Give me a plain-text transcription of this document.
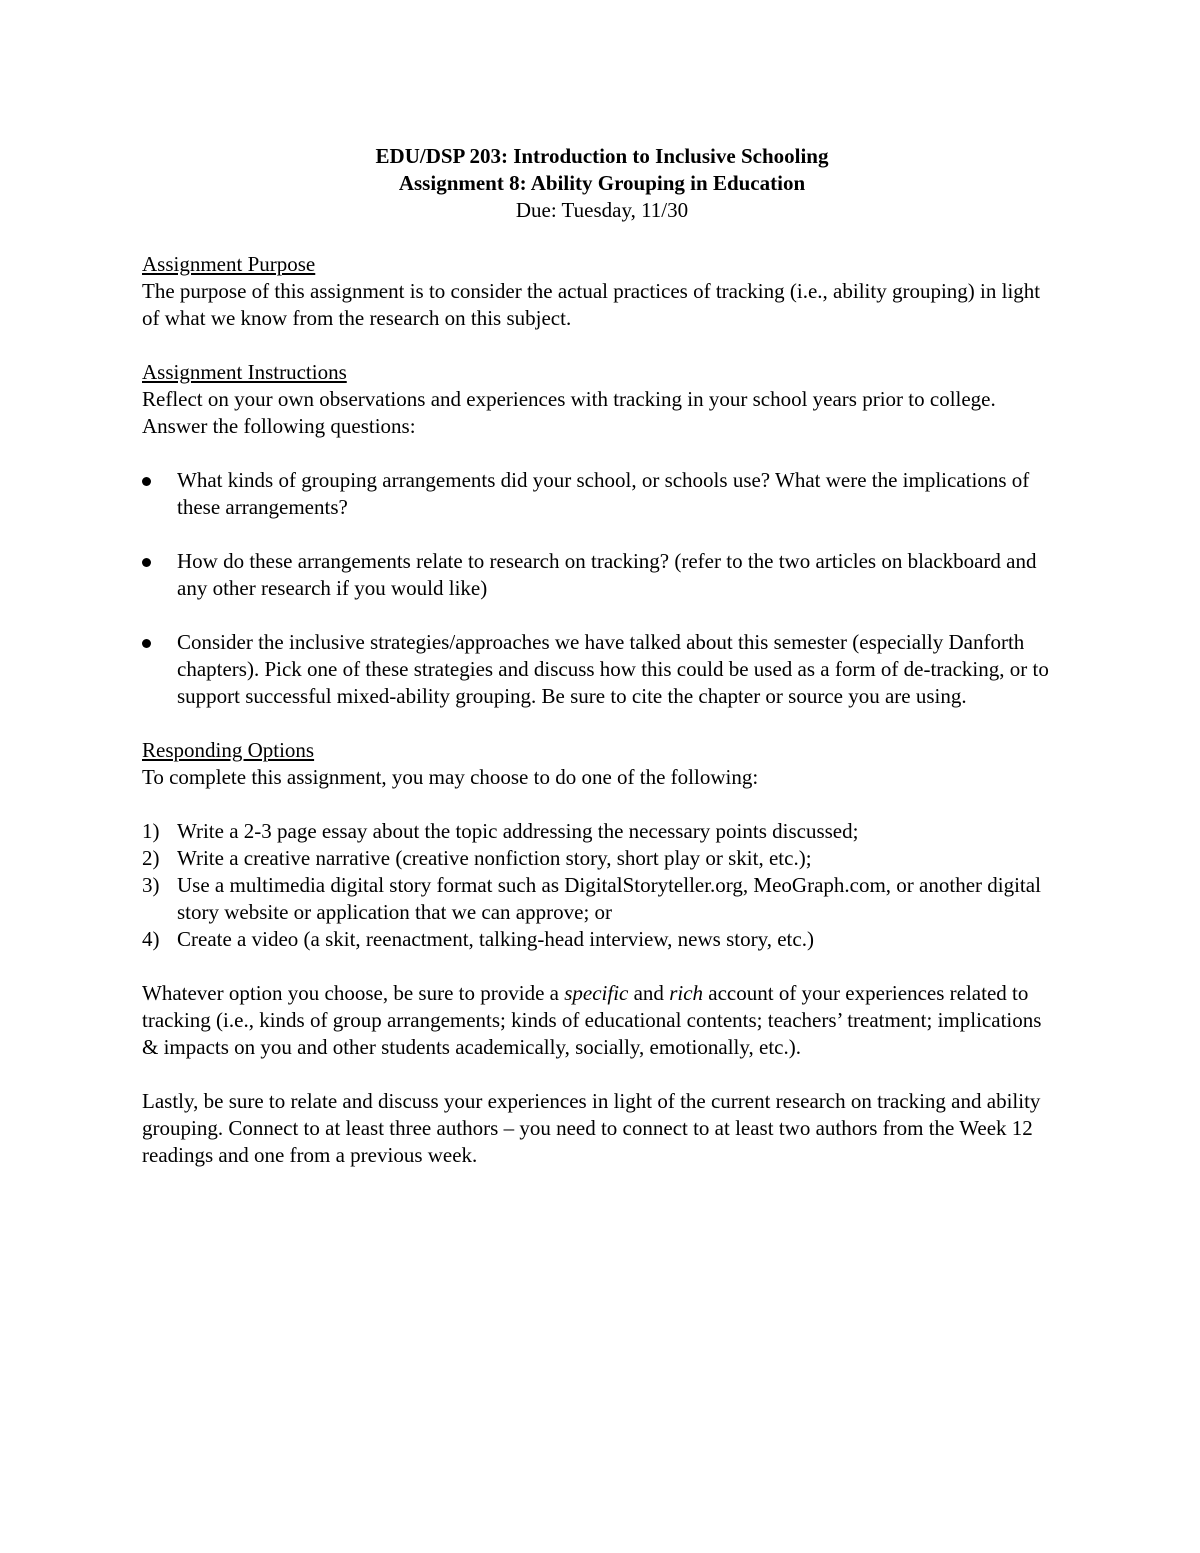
EDU/DSP 203: Introduction to Inclusive Schooling
Assignment 8: Ability Grouping in Education
Due: Tuesday, 11/30
Assignment Purpose

The purpose of this assignment is to consider the actual practices of tracking (i.e., ability grouping) in light of what we know from the research on this subject.

Assignment Instructions

Reflect on your own observations and experiences with tracking in your school years prior to college. Answer the following questions:

What kinds of grouping arrangements did your school, or schools use? What were the implications of these arrangements?
How do these arrangements relate to research on tracking? (refer to the two articles on blackboard and any other research if you would like)
Consider the inclusive strategies/approaches we have talked about this semester (especially Danforth chapters). Pick one of these strategies and discuss how this could be used as a form of de-tracking, or to support successful mixed-ability grouping. Be sure to cite the chapter or source you are using.
Responding Options

To complete this assignment, you may choose to do one of the following:

1) Write a 2-3 page essay about the topic addressing the necessary points discussed;
2) Write a creative narrative (creative nonfiction story, short play or skit, etc.);
3) Use a multimedia digital story format such as DigitalStoryteller.org, MeoGraph.com, or another digital story website or application that we can approve; or
4) Create a video (a skit, reenactment, talking-head interview, news story, etc.)

Whatever option you choose, be sure to provide a specific and rich account of your experiences related to tracking (i.e., kinds of group arrangements; kinds of educational contents; teachers’ treatment; implications & impacts on you and other students academically, socially, emotionally, etc.).

Lastly, be sure to relate and discuss your experiences in light of the current research on tracking and ability grouping. Connect to at least three authors – you need to connect to at least two authors from the Week 12 readings and one from a previous week.
